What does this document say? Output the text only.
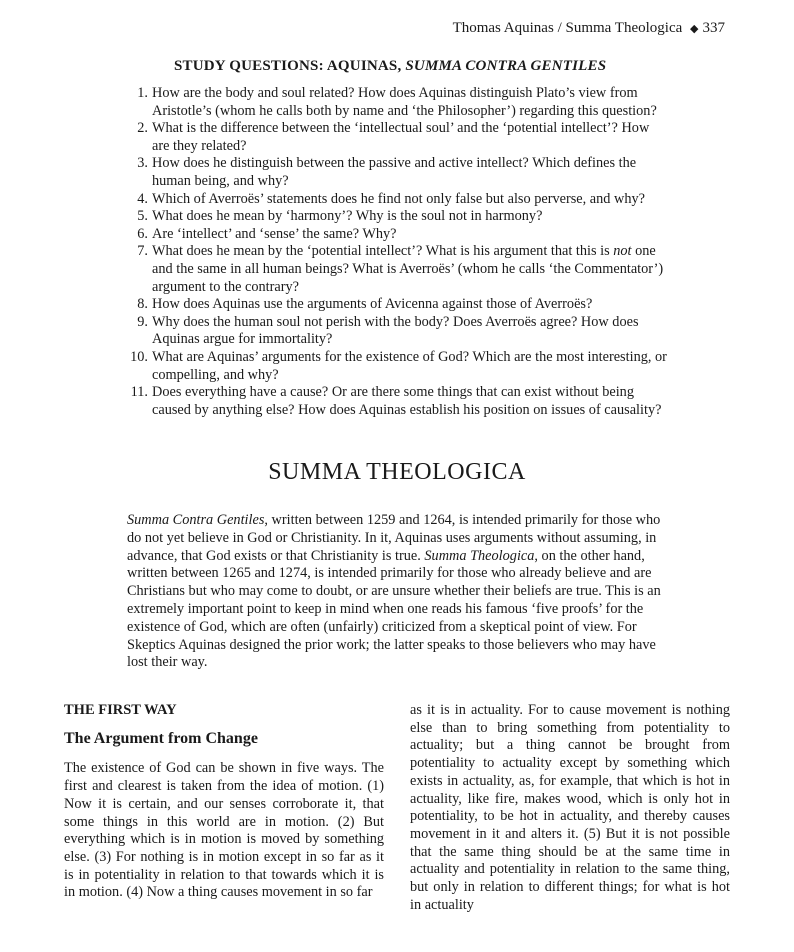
Thomas Aquinas / Summa Theologica ◆ 337
STUDY QUESTIONS: AQUINAS, SUMMA CONTRA GENTILES
1. How are the body and soul related? How does Aquinas distinguish Plato’s view from Aristotle’s (whom he calls both by name and ‘the Philosopher’) regarding this question?
2. What is the difference between the ‘intellectual soul’ and the ‘potential intellect’? How are they related?
3. How does he distinguish between the passive and active intellect? Which defines the human being, and why?
4. Which of Averroës’ statements does he find not only false but also perverse, and why?
5. What does he mean by ‘harmony’? Why is the soul not in harmony?
6. Are ‘intellect’ and ‘sense’ the same? Why?
7. What does he mean by the ‘potential intellect’? What is his argument that this is not one and the same in all human beings? What is Averroës’ (whom he calls ‘the Commentator’) argument to the contrary?
8. How does Aquinas use the arguments of Avicenna against those of Averroës?
9. Why does the human soul not perish with the body? Does Averroës agree? How does Aquinas argue for immortality?
10. What are Aquinas’ arguments for the existence of God? Which are the most interesting, or compelling, and why?
11. Does everything have a cause? Or are there some things that can exist without being caused by anything else? How does Aquinas establish his position on issues of causality?
SUMMA THEOLOGICA
Summa Contra Gentiles, written between 1259 and 1264, is intended primarily for those who do not yet believe in God or Christianity. In it, Aquinas uses arguments without assuming, in advance, that God exists or that Christianity is true. Summa Theologica, on the other hand, written between 1265 and 1274, is intended primarily for those who already believe and are Christians but who may come to doubt, or are unsure whether their beliefs are true. This is an extremely important point to keep in mind when one reads his famous ‘five proofs’ for the existence of God, which are often (unfairly) criticized from a skeptical point of view. For Skeptics Aquinas designed the prior work; the latter speaks to those believers who may have lost their way.
THE FIRST WAY
The Argument from Change

The existence of God can be shown in five ways. The first and clearest is taken from the idea of motion. (1) Now it is certain, and our senses corroborate it, that some things in this world are in motion. (2) But everything which is in motion is moved by something else. (3) For nothing is in motion except in so far as it is in potentiality in relation to that towards which it is in motion. (4) Now a thing causes movement in so far

as it is in actuality. For to cause movement is nothing else than to bring something from potentiality to actuality; but a thing cannot be brought from potentiality to actuality except by something which exists in actuality, as, for example, that which is hot in actuality, like fire, makes wood, which is only hot in potentiality, to be hot in actuality, and thereby causes movement in it and alters it. (5) But it is not possible that the same thing should be at the same time in actuality and potentiality in relation to the same thing, but only in relation to different things; for what is hot in actuality
